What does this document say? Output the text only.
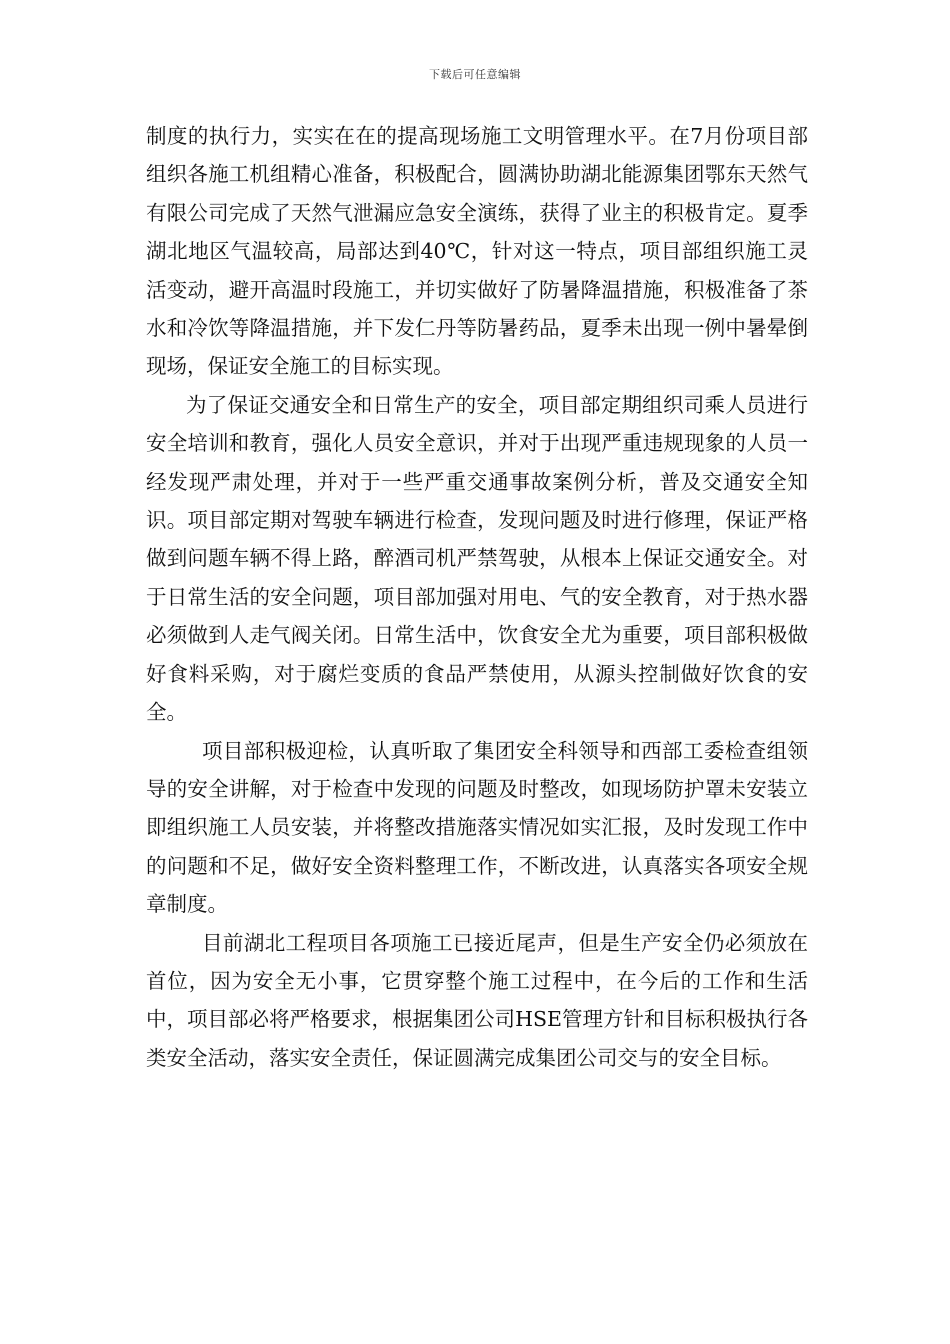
下载后可任意编辑

制度的执行力，实实在在的提高现场施工文明管理水平。在7月份项目部组织各施工机组精心准备，积极配合，圆满协助湖北能源集团鄂东天然气有限公司完成了天然气泄漏应急安全演练，获得了业主的积极肯定。夏季湖北地区气温较高，局部达到40℃，针对这一特点，项目部组织施工灵活变动，避开高温时段施工，并切实做好了防暑降温措施，积极准备了茶水和冷饮等降温措施，并下发仁丹等防暑药品，夏季未出现一例中暑晕倒现场，保证安全施工的目标实现。

为了保证交通安全和日常生产的安全，项目部定期组织司乘人员进行安全培训和教育，强化人员安全意识，并对于出现严重违规现象的人员一经发现严肃处理，并对于一些严重交通事故案例分析，普及交通安全知识。项目部定期对驾驶车辆进行检查，发现问题及时进行修理，保证严格做到问题车辆不得上路，醉酒司机严禁驾驶，从根本上保证交通安全。对于日常生活的安全问题，项目部加强对用电、气的安全教育，对于热水器必须做到人走气阀关闭。日常生活中，饮食安全尤为重要，项目部积极做好食料采购，对于腐烂变质的食品严禁使用，从源头控制做好饮食的安全。

项目部积极迎检，认真听取了集团安全科领导和西部工委检查组领导的安全讲解，对于检查中发现的问题及时整改，如现场防护罩未安装立即组织施工人员安装，并将整改措施落实情况如实汇报，及时发现工作中的问题和不足，做好安全资料整理工作，不断改进，认真落实各项安全规章制度。

目前湖北工程项目各项施工已接近尾声，但是生产安全仍必须放在首位，因为安全无小事，它贯穿整个施工过程中，在今后的工作和生活中，项目部必将严格要求，根据集团公司HSE管理方针和目标积极执行各类安全活动，落实安全责任，保证圆满完成集团公司交与的安全目标。
